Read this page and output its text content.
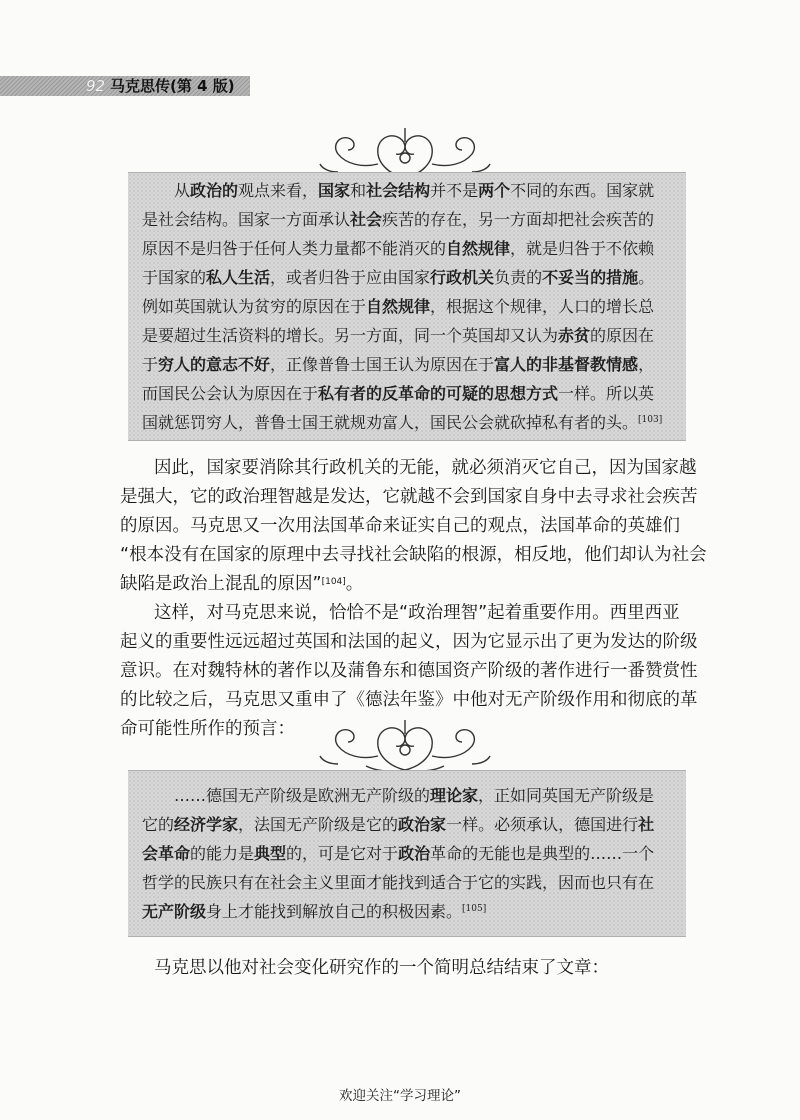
92 马克思传(第 4 版)
从政治的观点来看，国家和社会结构并不是两个不同的东西。国家就
是社会结构。国家一方面承认社会疾苦的存在，另一方面却把社会疾苦的
原因不是归咎于任何人类力量都不能消灭的自然规律，就是归咎于不依赖
于国家的私人生活，或者归咎于应由国家行政机关负责的不妥当的措施。
例如英国就认为贫穷的原因在于自然规律，根据这个规律，人口的增长总
是要超过生活资料的增长。另一方面，同一个英国却又认为赤贫的原因在
于穷人的意志不好，正像普鲁士国王认为原因在于富人的非基督教情感，
而国民公会认为原因在于私有者的反革命的可疑的思想方式一样。所以英
国就惩罚穷人，普鲁士国王就规劝富人，国民公会就砍掉私有者的头。[103]
因此，国家要消除其行政机关的无能，就必须消灭它自己，因为国家越
是强大，它的政治理智越是发达，它就越不会到国家自身中去寻求社会疾苦
的原因。马克思又一次用法国革命来证实自己的观点，法国革命的英雄们
“根本没有在国家的原理中去寻找社会缺陷的根源，相反地，他们却认为社会
缺陷是政治上混乱的原因”[104]。
这样，对马克思来说，恰恰不是“政治理智”起着重要作用。西里西亚
起义的重要性远远超过英国和法国的起义，因为它显示出了更为发达的阶级
意识。在对魏特林的著作以及蒲鲁东和德国资产阶级的著作进行一番赞赏性
的比较之后，马克思又重申了《德法年鉴》中他对无产阶级作用和彻底的革
命可能性所作的预言：
……德国无产阶级是欧洲无产阶级的理论家，正如同英国无产阶级是
它的经济学家，法国无产阶级是它的政治家一样。必须承认，德国进行社
会革命的能力是典型的，可是它对于政治革命的无能也是典型的……一个
哲学的民族只有在社会主义里面才能找到适合于它的实践，因而也只有在
无产阶级身上才能找到解放自己的积极因素。[105]
马克思以他对社会变化研究作的一个简明总结结束了文章：
欢迎关注“学习理论”
